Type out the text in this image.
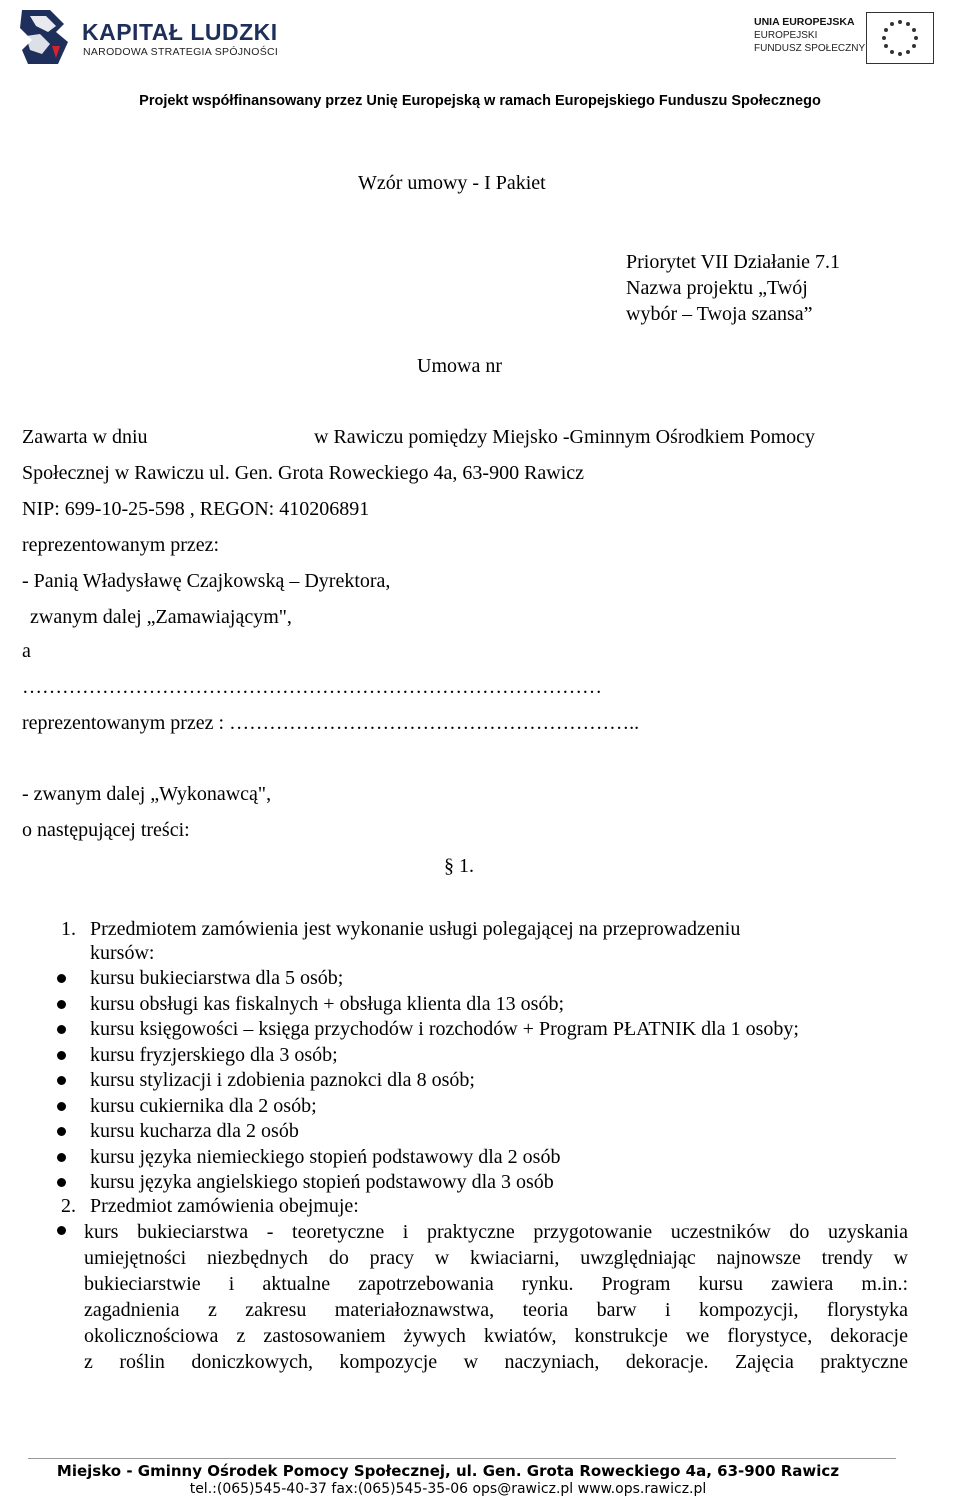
KAPITAŁ LUDZKI
NARODOWA STRATEGIA SPÓJNOŚCI
UNIA EUROPEJSKA
EUROPEJSKI
FUNDUSZ SPOŁECZNY
Projekt współfinansowany przez Unię Europejską w ramach Europejskiego Funduszu Społecznego
Wzór umowy - I Pakiet
Priorytet VII Działanie 7.1
Nazwa projektu „Twój
wybór – Twoja szansa”
Umowa nr
Zawarta w dniu	w Rawiczu pomiędzy Miejsko -Gminnym Ośrodkiem Pomocy
Społecznej w Rawiczu ul. Gen. Grota Roweckiego 4a, 63-900 Rawicz
NIP: 699-10-25-598 , REGON: 410206891
reprezentowanym przez:
- Panią Władysławę Czajkowską – Dyrektora,
zwanym dalej „Zamawiającym",
a
……………………………………………………………………………
reprezentowanym przez : ……………………………………………………..
- zwanym dalej „Wykonawcą",
o następującej treści:
§ 1.
1. Przedmiotem zamówienia jest wykonanie usługi polegającej na przeprowadzeniu
kursów:
kursu bukieciarstwa dla 5 osób;
kursu obsługi kas fiskalnych + obsługa klienta dla 13 osób;
kursu księgowości – księga przychodów i rozchodów + Program PŁATNIK dla 1 osoby;
kursu fryzjerskiego dla 3 osób;
kursu stylizacji i zdobienia paznokci dla 8 osób;
kursu cukiernika dla 2 osób;
kursu kucharza dla 2 osób
kursu języka niemieckiego stopień podstawowy dla 2 osób
kursu języka angielskiego stopień podstawowy dla 3 osób
2. Przedmiot zamówienia obejmuje:
kurs bukieciarstwa - teoretyczne i praktyczne przygotowanie uczestników do uzyskania
umiejętności niezbędnych do pracy w kwiaciarni, uwzględniając najnowsze trendy w
bukieciarstwie i aktualne zapotrzebowania rynku. Program kursu zawiera m.in.:
zagadnienia z zakresu materiałoznawstwa, teoria barw i kompozycji, florystyka
okolicznościowa z zastosowaniem żywych kwiatów, konstrukcje we florystyce, dekoracje
z roślin doniczkowych, kompozycje w naczyniach, dekoracje. Zajęcia praktyczne
Miejsko - Gminny Ośrodek Pomocy Społecznej, ul. Gen. Grota Roweckiego 4a, 63-900 Rawicz
tel.:(065)545-40-37 fax:(065)545-35-06 ops@rawicz.pl www.ops.rawicz.pl
